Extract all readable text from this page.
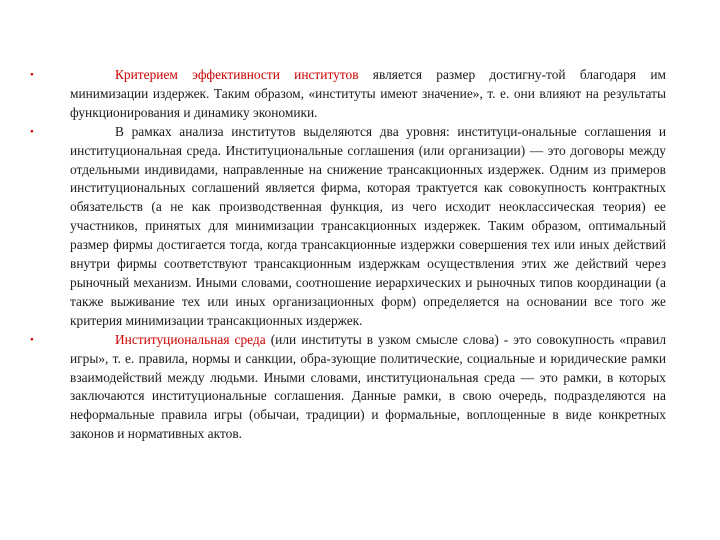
•	Критерием эффективности институтов является размер достигну-той благодаря им минимизации издержек. Таким образом, «институты имеют значение», т. е. они влияют на результаты функционирования и динамику экономики.
•	В рамках анализа институтов выделяются два уровня: институци-ональные соглашения и институциональная среда. Институциональные соглашения (или организации) — это договоры между отдельными индивидами, направленные на снижение трансакционных издержек. Одним из примеров институциональных соглашений является фирма, которая трактуется как совокупность контрактных обязательств (а не как производственная функция, из чего исходит неоклассическая теория) ее участников, принятых для минимизации трансакционных издержек. Таким образом, оптимальный размер фирмы достигается тогда, когда трансакционные издержки совершения тех или иных действий внутри фирмы соответствуют трансакционным издержкам осуществления этих же действий через рыночный механизм. Иными словами, соотношение иерархических и рыночных типов координации (а также выживание тех или иных организационных форм) определяется на основании все того же критерия минимизации трансакционных издержек.
•	Институциональная среда (или институты в узком смысле слова) - это совокупность «правил игры», т. е. правила, нормы и санкции, обра-зующие политические, социальные и юридические рамки взаимодействий между людьми. Иными словами, институциональная среда — это рамки, в которых заключаются институциональные соглашения. Данные рамки, в свою очередь, подразделяются на неформальные правила игры (обычаи, традиции) и формальные, воплощенные в виде конкретных законов и нормативных актов.
